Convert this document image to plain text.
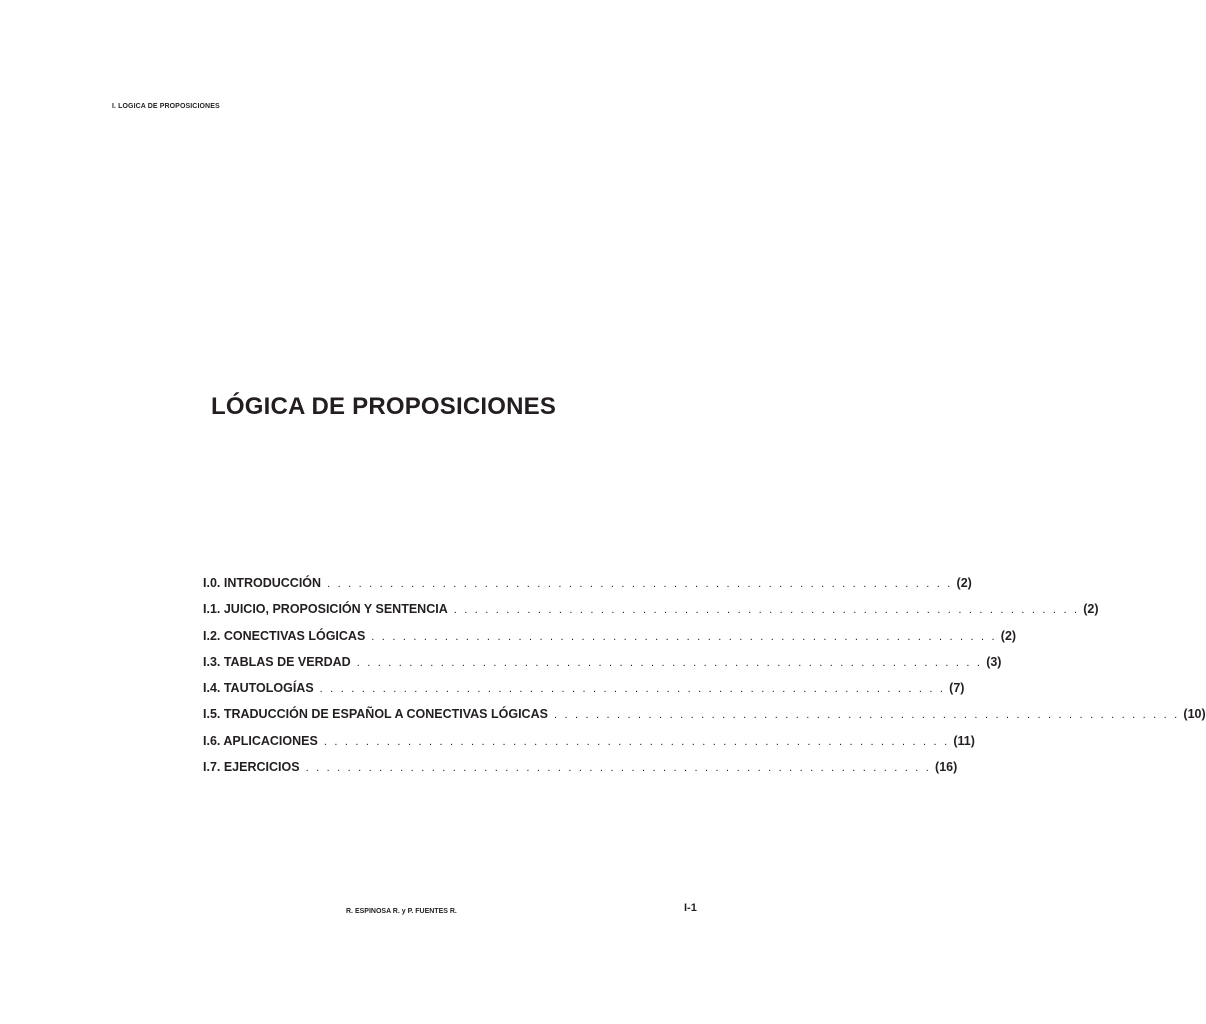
I. LOGICA DE PROPOSICIONES
LÓGICA DE PROPOSICIONES
I.0. INTRODUCCIÓN . . . . . . . . . . . . . . . . . . . . . . . . . . . . . . . . . . . . . . . . . . . . . . . . . . . . . . . . . . . . (2)
I.1. JUICIO, PROPOSICIÓN Y SENTENCIA . . . . . . . . . . . . . . . . . . . . . . . . . . . . . . . . . . . . . . . . . . . . . . . . . . . . . . . . . . . . (2)
I.2. CONECTIVAS LÓGICAS . . . . . . . . . . . . . . . . . . . . . . . . . . . . . . . . . . . . . . . . . . . . . . . . . . . . . . . . . . . . (2)
I.3. TABLAS DE VERDAD . . . . . . . . . . . . . . . . . . . . . . . . . . . . . . . . . . . . . . . . . . . . . . . . . . . . . . . . . . . . (3)
I.4. TAUTOLOGÍAS . . . . . . . . . . . . . . . . . . . . . . . . . . . . . . . . . . . . . . . . . . . . . . . . . . . . . . . . . . . . (7)
I.5. TRADUCCIÓN DE ESPAÑOL A CONECTIVAS LÓGICAS . . . . . . . . . . . . . . . . . . . . . . . . . . . . . . . . . . . . . . . . . . . . . . . . . . . . . . . . . . . . (10)
I.6. APLICACIONES . . . . . . . . . . . . . . . . . . . . . . . . . . . . . . . . . . . . . . . . . . . . . . . . . . . . . . . . . . . . (11)
I.7. EJERCICIOS . . . . . . . . . . . . . . . . . . . . . . . . . . . . . . . . . . . . . . . . . . . . . . . . . . . . . . . . . . . . (16)
R. ESPINOSA R. y P. FUENTES R.	I-1
